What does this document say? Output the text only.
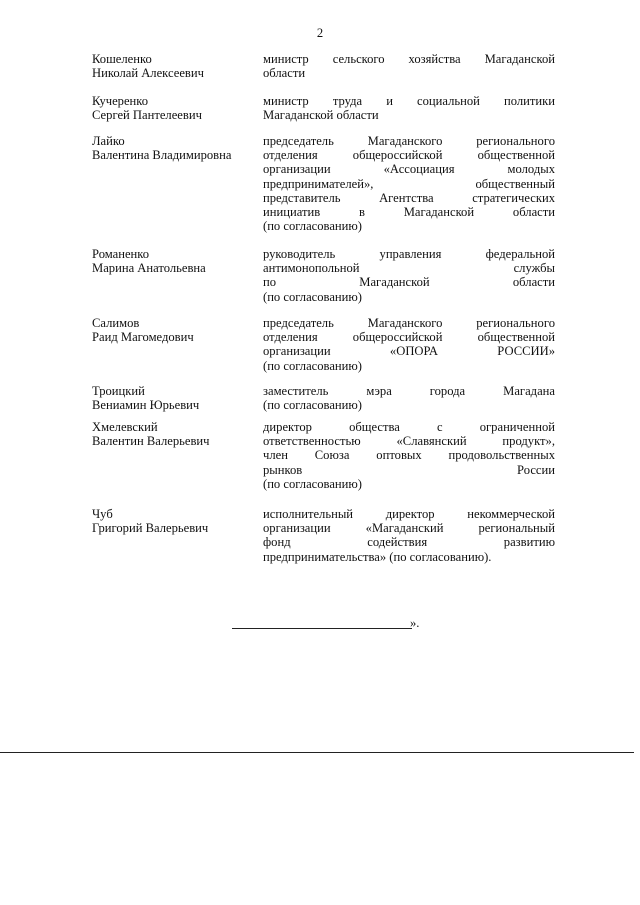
2
Кошеленко
Николай Алексеевич
министр сельского хозяйства Магаданской
области
Кучеренко
Сергей Пантелеевич
министр труда и социальной политики
Магаданской области
Лайко
Валентина Владимировна
председатель Магаданского регионального
отделения общероссийской общественной
организации «Ассоциация молодых
предпринимателей», общественный
представитель Агентства стратегических
инициатив в Магаданской области
(по согласованию)
Романенко
Марина Анатольевна
руководитель управления федеральной
антимонопольной службы
по Магаданской области
(по согласованию)
Салимов
Раид Магомедович
председатель Магаданского регионального
отделения общероссийской общественной
организации «ОПОРА РОССИИ»
(по согласованию)
Троицкий
Вениамин Юрьевич
заместитель мэра города Магадана
(по согласованию)
Хмелевский
Валентин Валерьевич
директор общества с ограниченной
ответственностью «Славянский продукт»,
член Союза оптовых продовольственных
рынков России
(по согласованию)
Чуб
Григорий Валерьевич
исполнительный директор некоммерческой
организации «Магаданский региональный
фонд содействия развитию
предпринимательства» (по согласованию).
».
